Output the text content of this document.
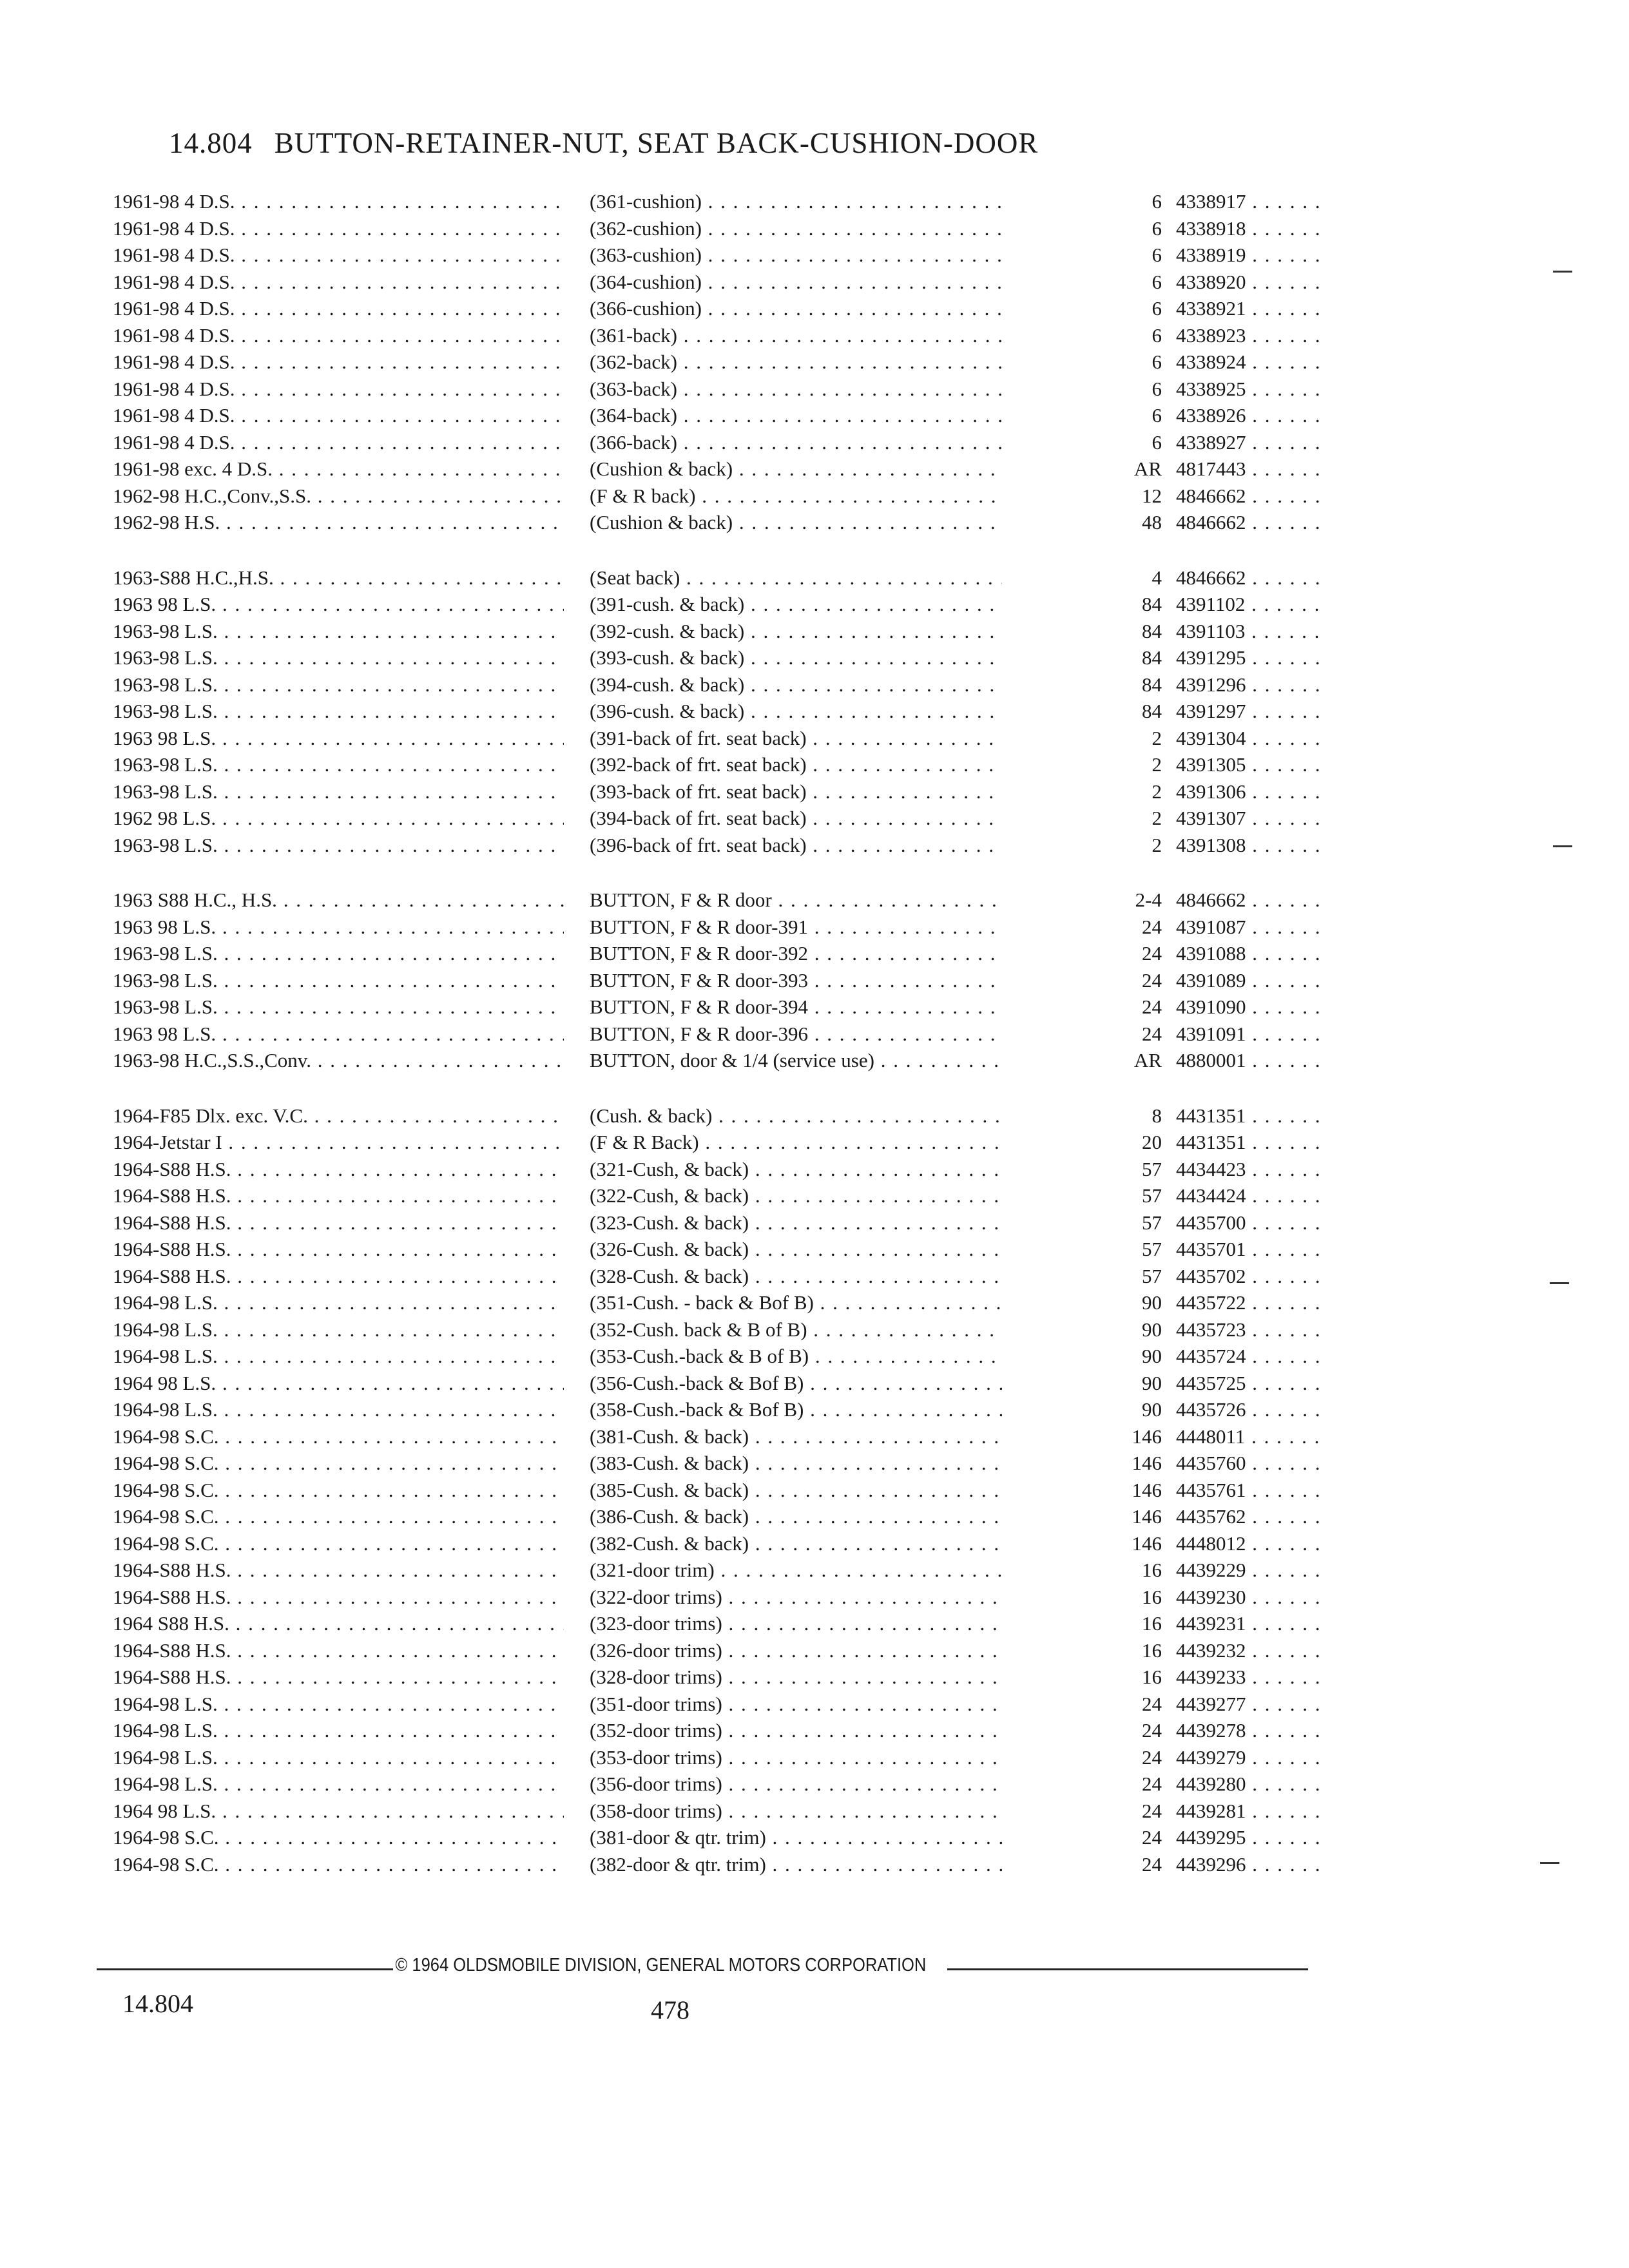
14.804 BUTTON-RETAINER-NUT, SEAT BACK-CUSHION-DOOR
1961-98 4 D.S. . . .	(361-cushion) . . .	6 4338917 . . .
1961-98 4 D.S. . . .	(362-cushion) . . .	6 4338918 . . .
1961-98 4 D.S. . . .	(363-cushion) . . .	6 4338919 . . .
1961-98 4 D.S. . . .	(364-cushion) . . .	6 4338920 . . .
1961-98 4 D.S. . . .	(366-cushion) . . .	6 4338921 . . .
1961-98 4 D.S. . . .	(361-back) . . .	6 4338923 . . .
1961-98 4 D.S. . . .	(362-back) . . .	6 4338924 . . .
1961-98 4 D.S. . . .	(363-back) . . .	6 4338925 . . .
1961-98 4 D.S. . . .	(364-back) . . .	6 4338926 . . .
1961-98 4 D.S. . . .	(366-back) . . .	6 4338927 . . .
1961-98 exc. 4 D.S. . . .	(Cushion & back) . . .	AR 4817443 . . .
1962-98 H.C.,Conv.,S.S. . . .	(F & R back) . . .	12 4846662 . . .
1962-98 H.S. . . .	(Cushion & back) . . .	48 4846662 . . .
1963-S88 H.C.,H.S. . . .	(Seat back) . . .	4 4846662 . . .
1963 98 L.S. . . .	(391-cush. & back) . . .	84 4391102 . . .
1963-98 L.S. . . .	(392-cush. & back) . . .	84 4391103 . . .
1963-98 L.S. . . .	(393-cush. & back) . . .	84 4391295 . . .
1963-98 L.S. . . .	(394-cush. & back) . . .	84 4391296 . . .
1963-98 L.S. . . .	(396-cush. & back) . . .	84 4391297 . . .
1963 98 L.S. . . .	(391-back of frt. seat back) . . .	2 4391304 . . .
1963-98 L.S. . . .	(392-back of frt. seat back) . . .	2 4391305 . . .
1963-98 L.S. . . .	(393-back of frt. seat back) . . .	2 4391306 . . .
1962 98 L.S. . . .	(394-back of frt. seat back) . . .	2 4391307 . . .
1963-98 L.S. . . .	(396-back of frt. seat back) . . .	2 4391308 . . .
1963 S88 H.C., H.S. . . .	BUTTON, F & R door . . .	2-4 4846662 . . .
1963 98 L.S. . . .	BUTTON, F & R door-391 . . .	24 4391087 . . .
1963-98 L.S. . . .	BUTTON, F & R door-392 . . .	24 4391088 . . .
1963-98 L.S. . . .	BUTTON, F & R door-393 . . .	24 4391089 . . .
1963-98 L.S. . . .	BUTTON, F & R door-394 . . .	24 4391090 . . .
1963 98 L.S. . . .	BUTTON, F & R door-396 . . .	24 4391091 . . .
1963-98 H.C.,S.S.,Conv. . . .	BUTTON, door & 1/4 (service use) . . .	AR 4880001 . . .
1964-F85 Dlx. exc. V.C. . . .	(Cush. & back) . . .	8 4431351 . . .
1964-Jetstar I . . .	(F & R Back) . . .	20 4431351 . . .
1964-S88 H.S. . . .	(321-Cush, & back) . . .	57 4434423 . . .
1964-S88 H.S. . . .	(322-Cush, & back) . . .	57 4434424 . . .
1964-S88 H.S. . . .	(323-Cush. & back) . . .	57 4435700 . . .
1964-S88 H.S. . . .	(326-Cush. & back) . . .	57 4435701 . . .
1964-S88 H.S. . . .	(328-Cush. & back) . . .	57 4435702 . . .
1964-98 L.S. . . .	(351-Cush. - back & Bof B) . . .	90 4435722 . . .
1964-98 L.S. . . .	(352-Cush. back & B of B) . . .	90 4435723 . . .
1964-98 L.S. . . .	(353-Cush.-back & B of B) . . .	90 4435724 . . .
1964 98 L.S. . . .	(356-Cush.-back & Bof B) . . .	90 4435725 . . .
1964-98 L.S. . . .	(358-Cush.-back & Bof B) . . .	90 4435726 . . .
1964-98 S.C. . . .	(381-Cush. & back) . . .	146 4448011 . . .
1964-98 S.C. . . .	(383-Cush. & back) . . .	146 4435760 . . .
1964-98 S.C. . . .	(385-Cush. & back) . . .	146 4435761 . . .
1964-98 S.C. . . .	(386-Cush. & back) . . .	146 4435762 . . .
1964-98 S.C. . . .	(382-Cush. & back) . . .	146 4448012 . . .
1964-S88 H.S. . . .	(321-door trim) . . .	16 4439229 . . .
1964-S88 H.S. . . .	(322-door trims) . . .	16 4439230 . . .
1964 S88 H.S. . . .	(323-door trims) . . .	16 4439231 . . .
1964-S88 H.S. . . .	(326-door trims) . . .	16 4439232 . . .
1964-S88 H.S. . . .	(328-door trims) . . .	16 4439233 . . .
1964-98 L.S. . . .	(351-door trims) . . .	24 4439277 . . .
1964-98 L.S. . . .	(352-door trims) . . .	24 4439278 . . .
1964-98 L.S. . . .	(353-door trims) . . .	24 4439279 . . .
1964-98 L.S. . . .	(356-door trims) . . .	24 4439280 . . .
1964 98 L.S. . . .	(358-door trims) . . .	24 4439281 . . .
1964-98 S.C. . . .	(381-door & qtr. trim) . . .	24 4439295 . . .
1964-98 S.C. . . .	(382-door & qtr. trim) . . .	24 4439296 . . .
© 1964 OLDSMOBILE DIVISION, GENERAL MOTORS CORPORATION
14.804	478
